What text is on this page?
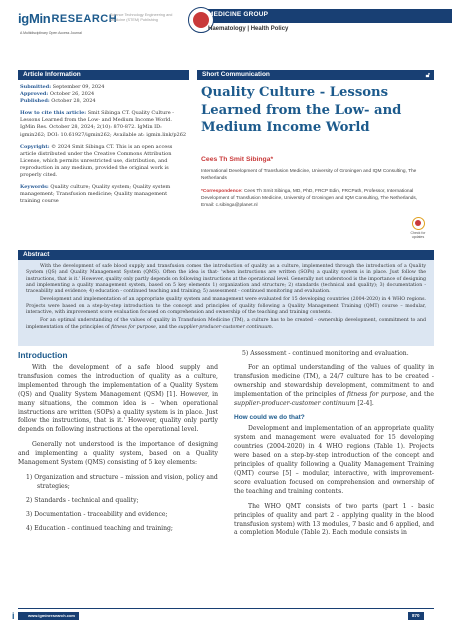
igMin RESEARCH
A Multidisciplinary Open Access Journal
Science Technology Engineering and Medicine (STEM) Publishing
MEDICINE GROUP
Haematology | Health Policy
Article Information	Short Communication	🔓︎
Submitted: September 09, 2024
Approved: October 26, 2024

Published: October 28, 2024

How to cite this article: Smit Sibinga CT. Quality Culture - Lessons Learned from the Low- and Medium Income World. IgMin Res. October 28, 2024; 2(10): 870-872. IgMin ID: igmin262; DOI: 10.61927/igmin262; Available at: igmin.link/p262

Copyright: © 2024 Smit Sibinga CT. This is an open access article distributed under the Creative Commons Attribution License, which permits unrestricted use, distribution, and reproduction in any medium, provided the original work is properly cited.

Keywords: Quality culture; Quality system; Quality system management; Transfusion medicine; Quality management training course

Quality Culture - Lessons Learned from the Low- and Medium Income World
Cees Th Smit Sibinga*
International Development of Transfusion Medicine, University of Groningen and IQM Consulting, The Netherlands
*Correspondence: Cees Th Smit Sibinga, MD, PhD, FRCP Edin, FRCPath, Professor, International Development of Transfusion Medicine, University of Groningen and IQM Consulting, The Netherlands, Email: c.sibinga@planet.nl
Check for updates
Abstract

With the development of safe blood supply and transfusion comes the introduction of quality as a culture, implemented through the introduction of a Quality System (QS) and Quality Management System (QMS). Often the idea is that- 'when instructions are written (SOPs) a quality system is in place. Just follow the instructions, that is it.' However, quality only partly depends on following instructions at the operational level. Generally not understood is the importance of designing and implementing a quality management system, based on 5 key elements 1) organization and structure; 2) standards (technical and quality); 3) documentation - traceability and evidence; 4) education - continued teaching and training; 5) assessment - continued monitoring and evaluation.

Development and implementation of an appropriate quality system and management were evaluated for 15 developing countries (2004-2020) in 4 WHO regions. Projects were based on a step-by-step introduction to the concept and principles of quality following a Quality Management Training (QMT) course – modular, interactive, with improvement score evaluation focused on comprehension and ownership of the teaching and training contents.

For an optimal understanding of the values of quality in Transfusion Medicine (TM), a culture has to be created - ownership development, commitment to and implementation of the principles of fitness for purpose, and the supplier-producer-customer continuum.

Introduction

With the development of a safe blood supply and transfusion comes the introduction of quality as a culture, implemented through the implementation of a Quality System (QS) and Quality System Management (QSM) [1]. However, in many situations, the common idea is – 'when operational instructions are written (SOPs) a quality system is in place. Just follow the instructions, that is it.' However, quality only partly depends on following instructions at the operational level.

Generally not understood is the importance of designing and implementing a quality system, based on a Quality Management System (QMS) consisting of 5 key elements:

1) Organization and structure – mission and vision, policy and strategies;
2) Standards - technical and quality;
3) Documentation - traceability and evidence;
4) Education - continued teaching and training;
5) Assessment - continued monitoring and evaluation.

For an optimal understanding of the values of quality in transfusion medicine (TM), a 24/7 culture has to be created - ownership and stewardship development, commitment to and implementation of the principles of fitness for purpose, and the supplier-producer-customer continuum [2-4].

How could we do that?

Development and implementation of an appropriate quality system and management were evaluated for 15 developing countries (2004-2020) in 4 WHO regions (Table 1). Projects were based on a step-by-step introduction of the concept and principles of quality following a Quality Management Training (QMT) course [5] – modular, interactive, with improvement-score evaluation focused on comprehension and ownership of the teaching and training contents.

The WHO QMT consists of two parts (part 1 - basic principles of quality and part 2 - applying quality in the blood transfusion system) with 13 modules, 7 basic and 6 applied, and a completion Module (Table 2). Each module consists in

www.igminresearch.com
i	870
